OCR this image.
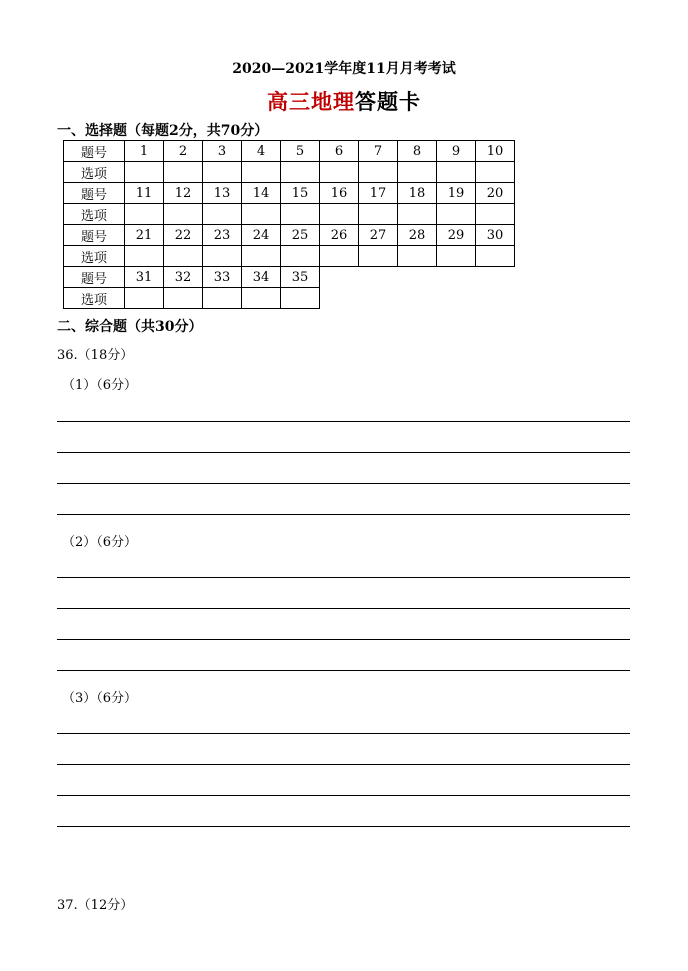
2020—2021学年度11月月考考试
高三地理答题卡
一、选择题（每题2分，共70分）
题号	1	2	3	4	5	6	7	8	9	10
选项										
题号	11	12	13	14	15	16	17	18	19	20
选项										
题号	21	22	23	24	25	26	27	28	29	30
选项										
题号	31	32	33	34	35					
选项										
二、综合题（共30分）
36.（18分）
（1）（6分）
（2）（6分）
（3）（6分）
37.（12分）
